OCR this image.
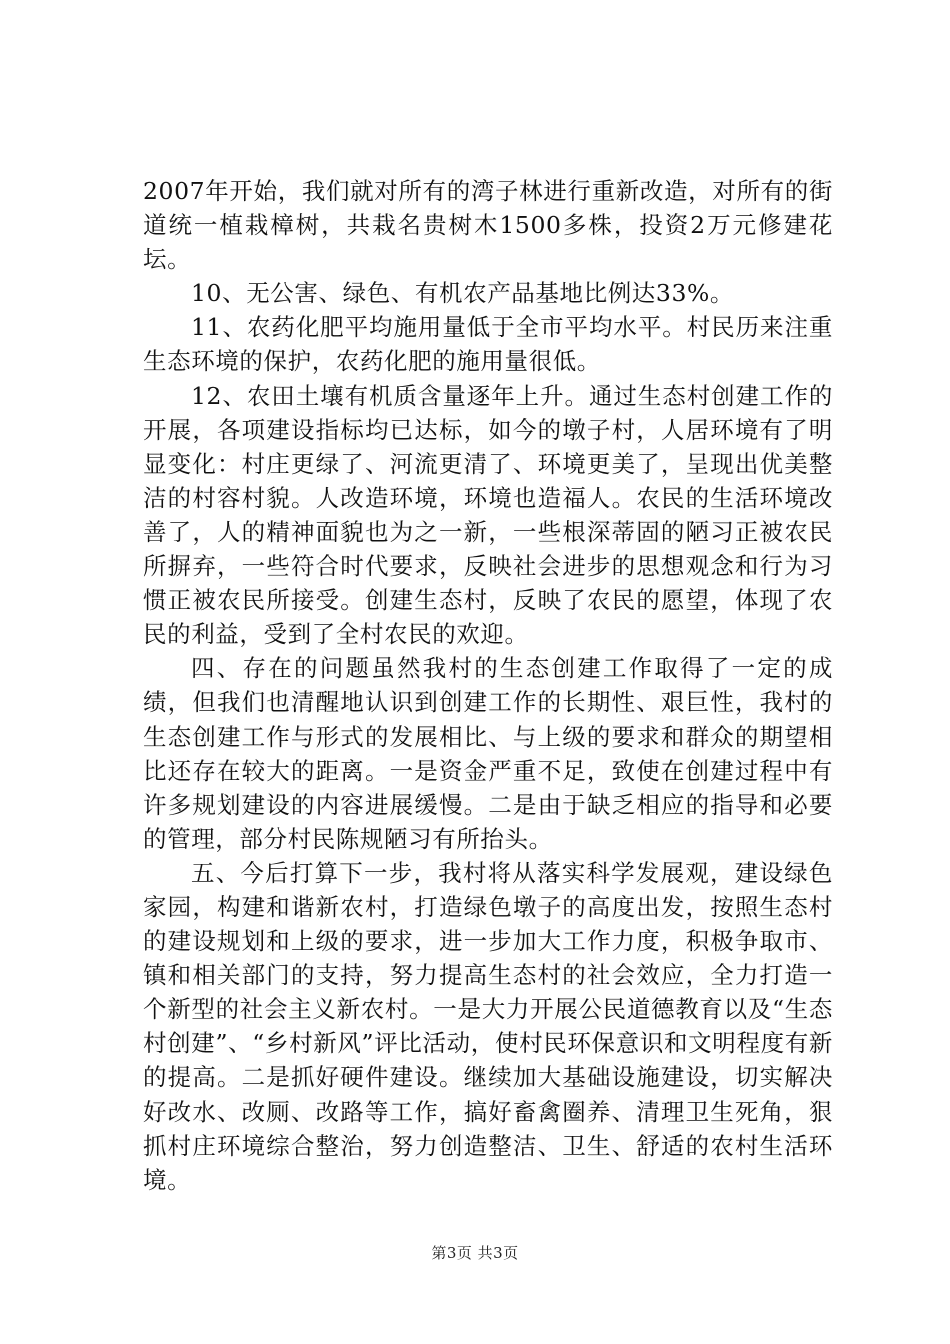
2007年开始，我们就对所有的湾子林进行重新改造，对所有的街道统一植栽樟树，共栽名贵树木1500多株，投资2万元修建花坛。

10、无公害、绿色、有机农产品基地比例达33%。

11、农药化肥平均施用量低于全市平均水平。村民历来注重生态环境的保护，农药化肥的施用量很低。

12、农田土壤有机质含量逐年上升。通过生态村创建工作的开展，各项建设指标均已达标，如今的墩子村，人居环境有了明显变化：村庄更绿了、河流更清了、环境更美了，呈现出优美整洁的村容村貌。人改造环境，环境也造福人。农民的生活环境改善了，人的精神面貌也为之一新，一些根深蒂固的陋习正被农民所摒弃，一些符合时代要求，反映社会进步的思想观念和行为习惯正被农民所接受。创建生态村，反映了农民的愿望，体现了农民的利益，受到了全村农民的欢迎。

四、存在的问题虽然我村的生态创建工作取得了一定的成绩，但我们也清醒地认识到创建工作的长期性、艰巨性，我村的生态创建工作与形式的发展相比、与上级的要求和群众的期望相比还存在较大的距离。一是资金严重不足，致使在创建过程中有许多规划建设的内容进展缓慢。二是由于缺乏相应的指导和必要的管理，部分村民陈规陋习有所抬头。

五、今后打算下一步，我村将从落实科学发展观，建设绿色家园，构建和谐新农村，打造绿色墩子的高度出发，按照生态村的建设规划和上级的要求，进一步加大工作力度，积极争取市、镇和相关部门的支持，努力提高生态村的社会效应，全力打造一个新型的社会主义新农村。一是大力开展公民道德教育以及“生态村创建”、“乡村新风”评比活动，使村民环保意识和文明程度有新的提高。二是抓好硬件建设。继续加大基础设施建设，切实解决好改水、改厕、改路等工作，搞好畜禽圈养、清理卫生死角，狠抓村庄环境综合整治，努力创造整洁、卫生、舒适的农村生活环境。

第3页 共3页
